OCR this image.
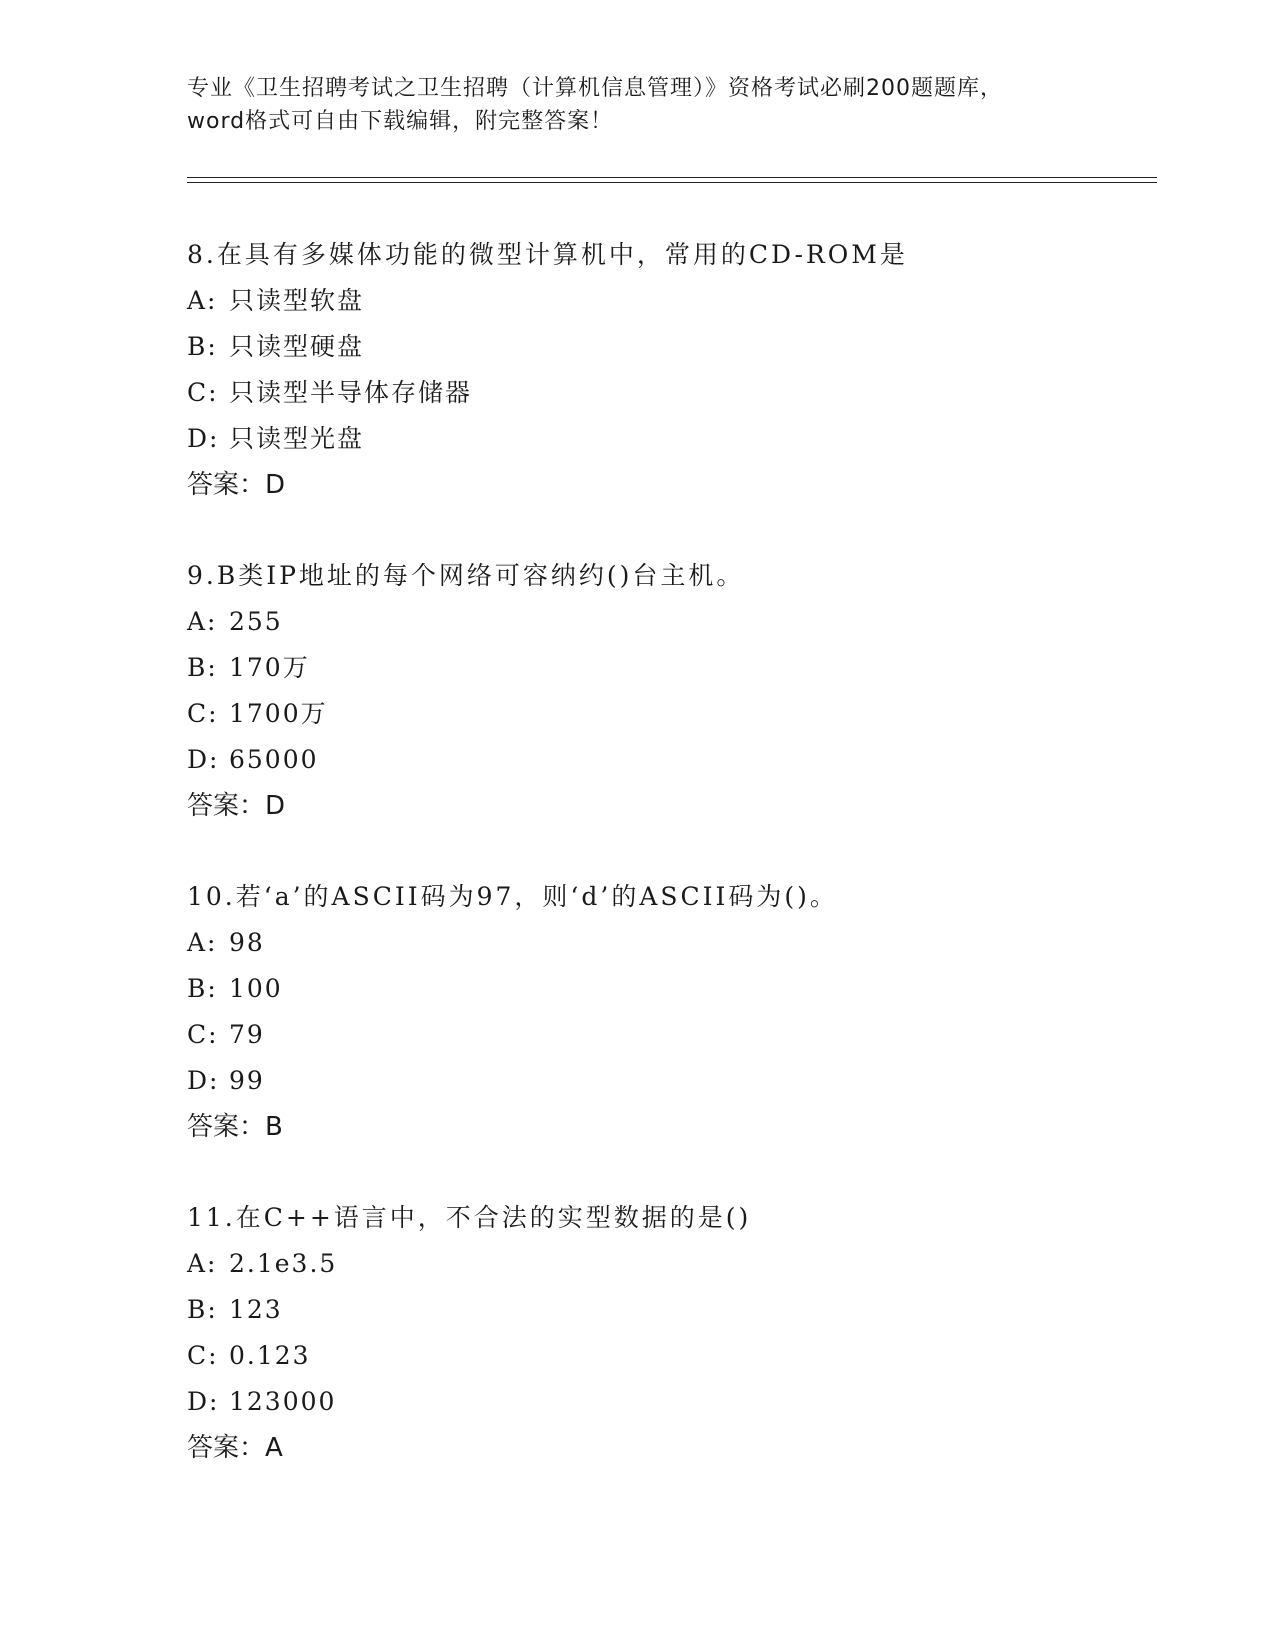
专业《卫生招聘考试之卫生招聘（计算机信息管理）》资格考试必刷200题题库，
word格式可自由下载编辑，附完整答案！
8.在具有多媒体功能的微型计算机中，常用的CD-ROM是
A: 只读型软盘
B: 只读型硬盘
C: 只读型半导体存储器
D: 只读型光盘
答案：D
9.B类IP地址的每个网络可容纳约()台主机。
A: 255
B: 170万
C: 1700万
D: 65000
答案：D
10.若‘a’的ASCII码为97，则‘d’的ASCII码为()。
A: 98
B: 100
C: 79
D: 99
答案：B
11.在C++语言中，不合法的实型数据的是()
A: 2.1e3.5
B: 123
C: 0.123
D: 123000
答案：A
